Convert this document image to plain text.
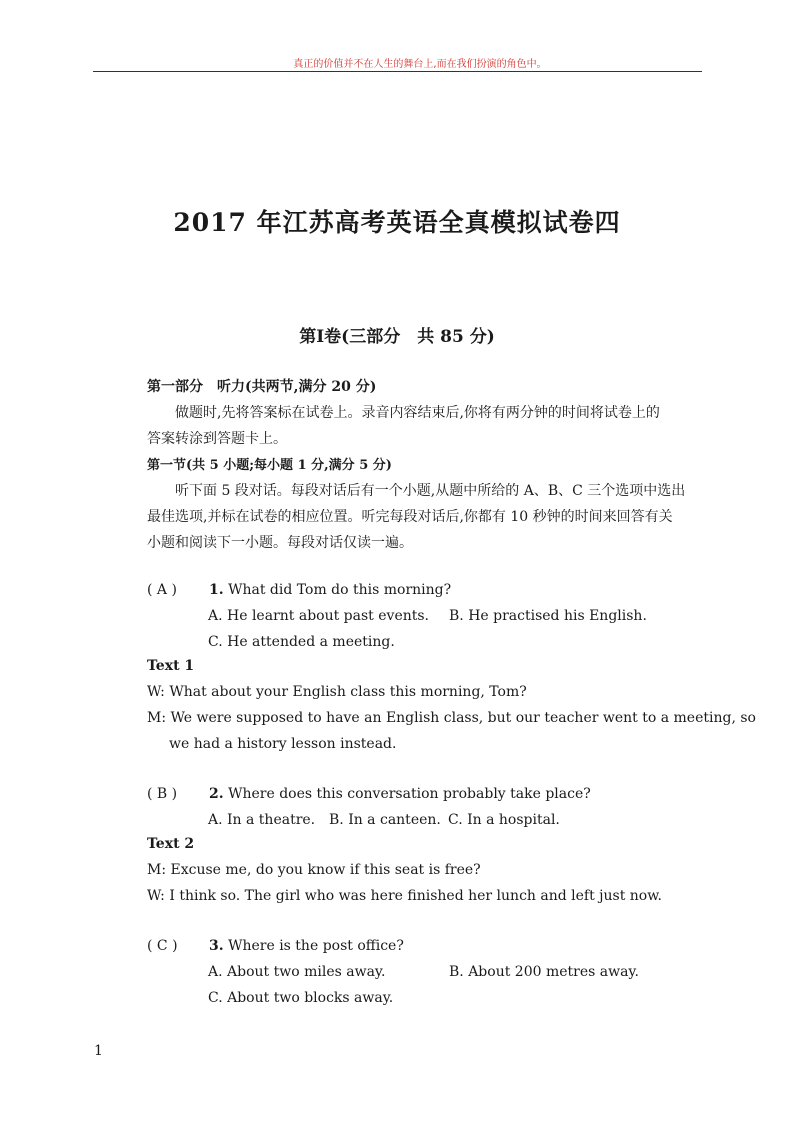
真正的价值并不在人生的舞台上,而在我们扮演的角色中。
2017 年江苏高考英语全真模拟试卷四
第Ⅰ卷(三部分　共 85 分)
第一部分　听力(共两节,满分 20 分)
做题时,先将答案标在试卷上。录音内容结束后,你将有两分钟的时间将试卷上的
答案转涂到答题卡上。
第一节(共 5 小题;每小题 1 分,满分 5 分)
听下面 5 段对话。每段对话后有一个小题,从题中所给的 A、B、C 三个选项中选出
最佳选项,并标在试卷的相应位置。听完每段对话后,你都有 10 秒钟的时间来回答有关
小题和阅读下一小题。每段对话仅读一遍。
( A ) 1. What did Tom do this morning?
A. He learnt about past events. B. He practised his English.
C. He attended a meeting.
Text 1
W: What about your English class this morning, Tom?
M: We were supposed to have an English class, but our teacher went to a meeting, so
we had a history lesson instead.
( B ) 2. Where does this conversation probably take place?
A. In a theatre. B. In a canteen. C. In a hospital.
Text 2
M: Excuse me, do you know if this seat is free?
W: I think so. The girl who was here finished her lunch and left just now.
( C ) 3. Where is the post office?
A. About two miles away.	B. About 200 metres away.
C. About two blocks away.
1
